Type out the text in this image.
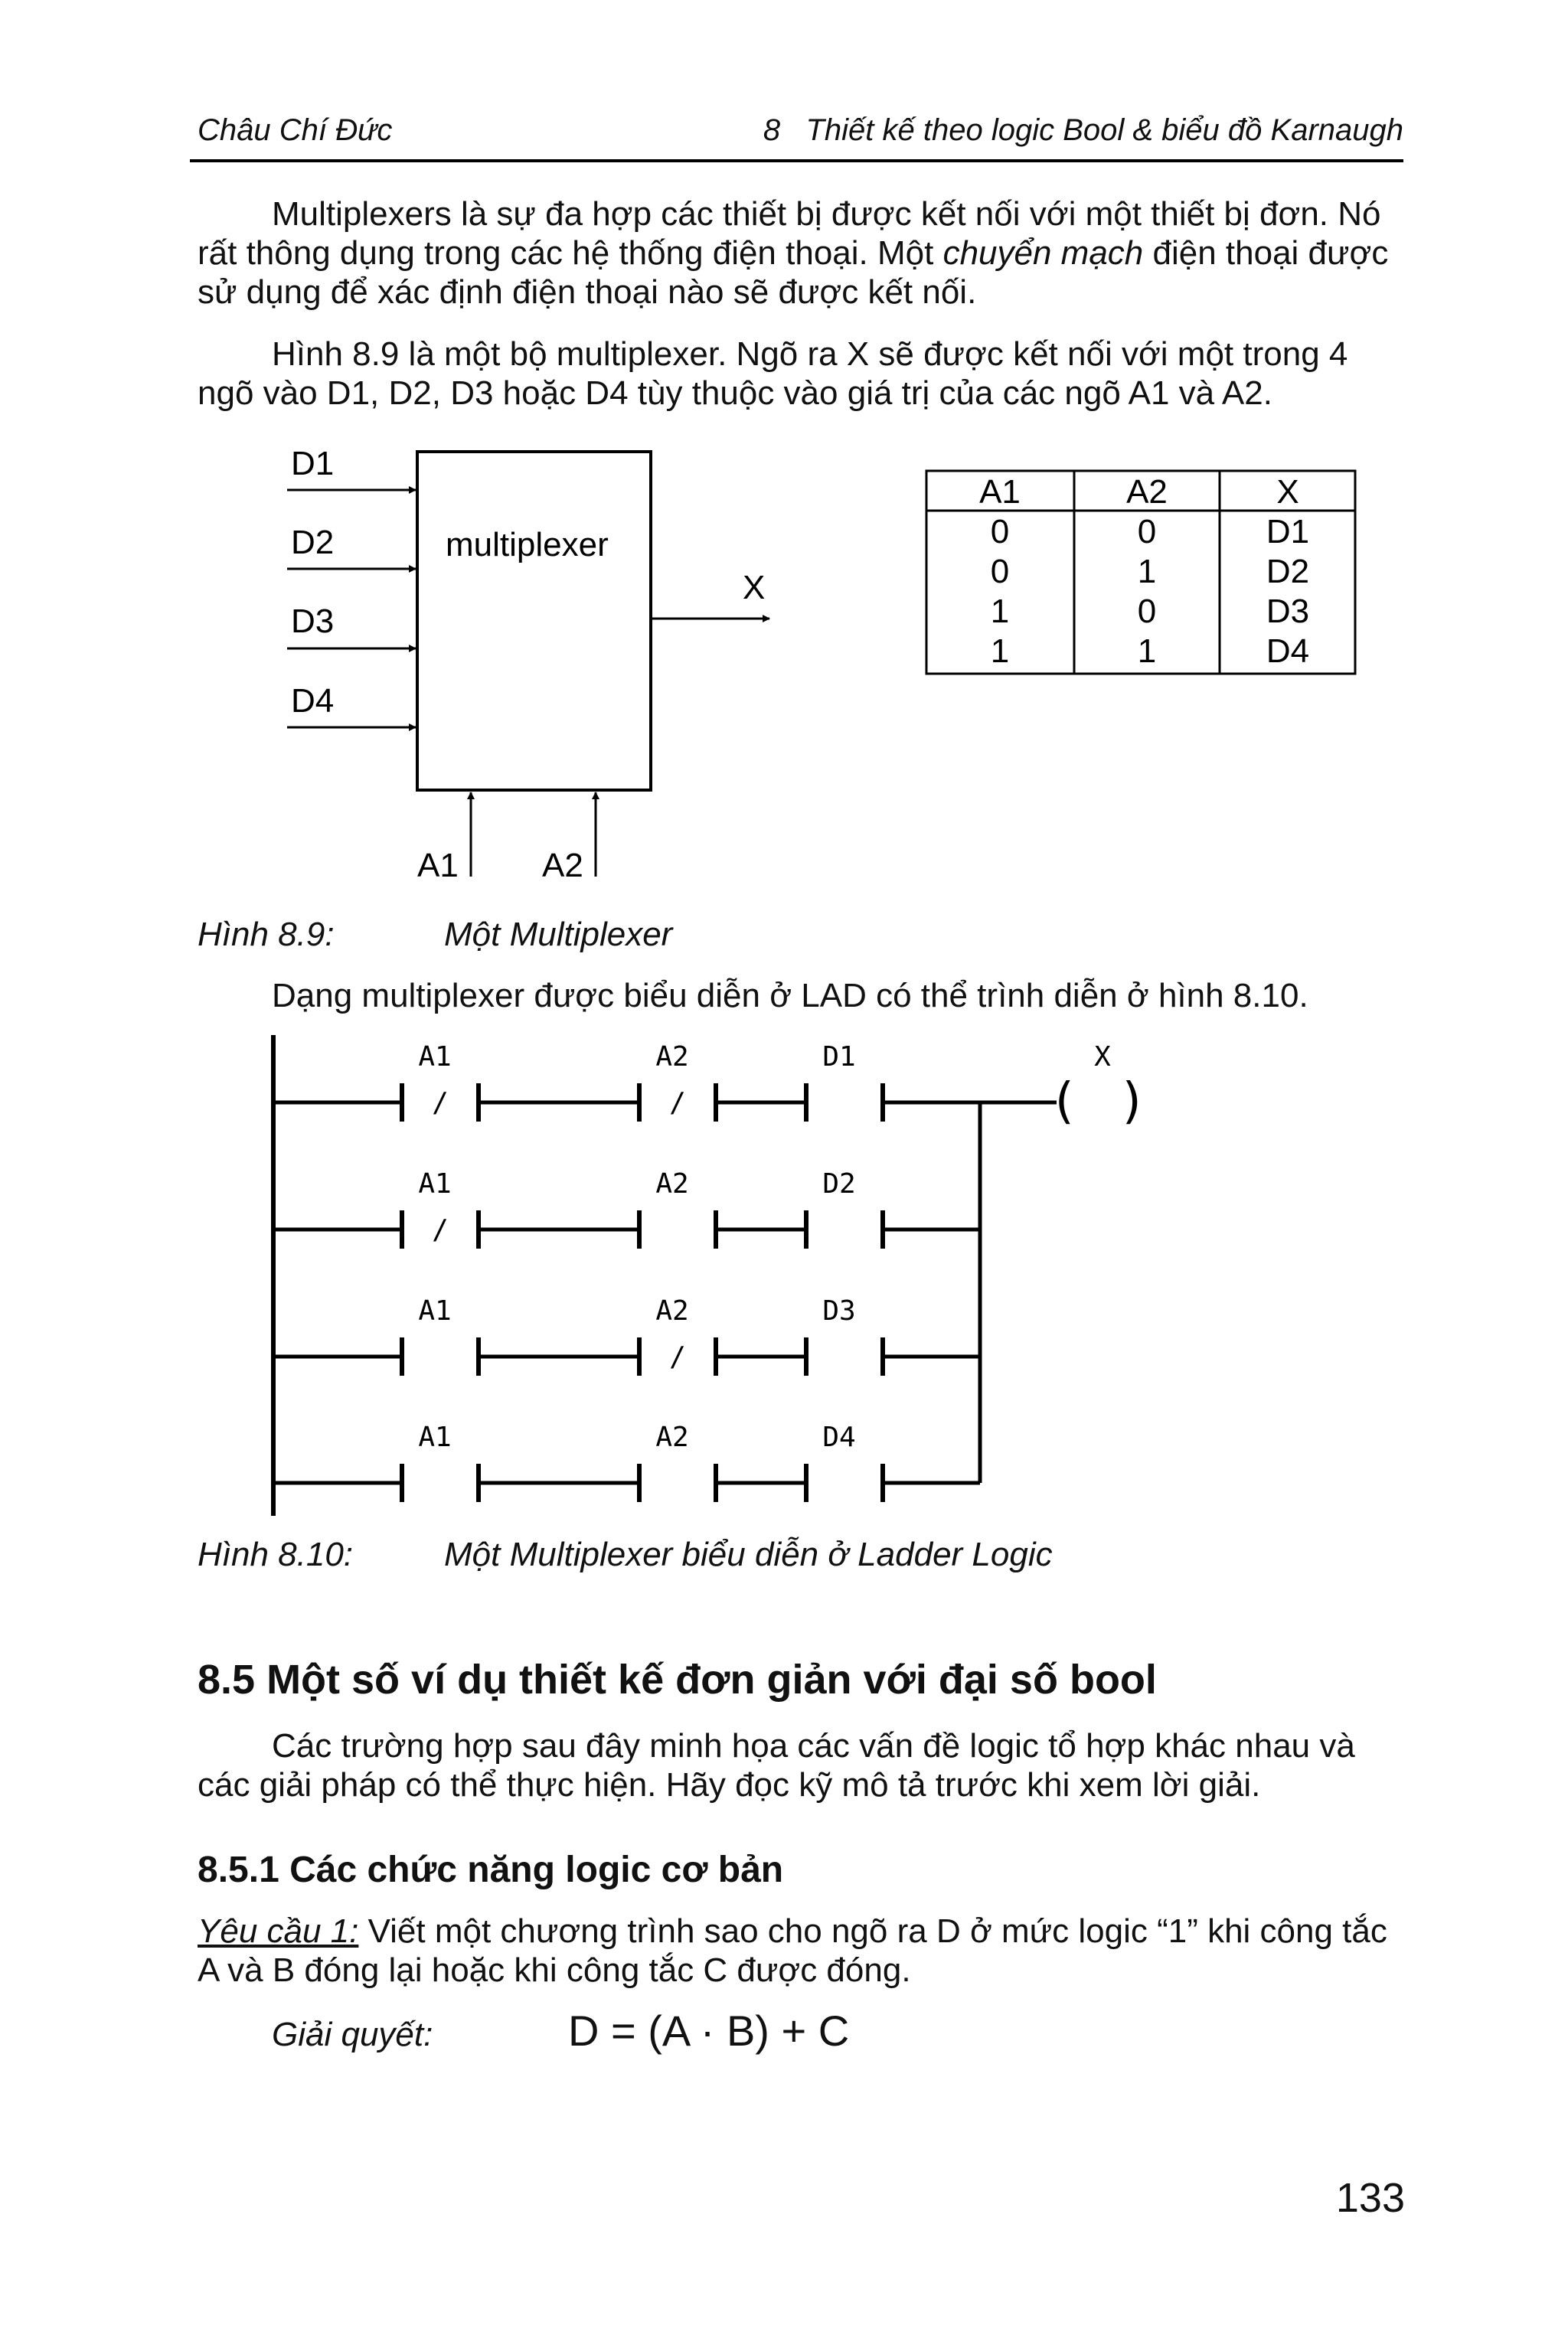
Châu Chí Đức	8   Thiết kế theo logic Bool & biểu đồ Karnaugh

Multiplexers là sự đa hợp các thiết bị được kết nối với một thiết bị đơn. Nó rất thông dụng trong các hệ thống điện thoại. Một chuyển mạch điện thoại được sử dụng để xác định điện thoại nào sẽ được kết nối.

Hình 8.9 là một bộ multiplexer. Ngõ ra X sẽ được kết nối với một trong 4 ngõ vào D1, D2, D3 hoặc D4 tùy thuộc vào giá trị của các ngõ A1 và A2.

multiplexer
D1
D2
D3
D4
X
A1 A2
A1	A2	X
0	0	D1
0	1	D2
1	0	D3
1	1	D4
Hình 8.9:	Một Multiplexer

Dạng multiplexer được biểu diễn ở LAD có thể trình diễn ở hình 8.10.

A1
/
A2
/
D1
( )
X
A1
/
A2	D2
A1	A2
/
D3
A1	A2	D4
Hình 8.10:	Một Multiplexer biểu diễn ở Ladder Logic
8.5 Một số ví dụ thiết kế đơn giản với đại số bool

Các trường hợp sau đây minh họa các vấn đề logic tổ hợp khác nhau và các giải pháp có thể thực hiện. Hãy đọc kỹ mô tả trước khi xem lời giải.

8.5.1 Các chức năng logic cơ bản

Yêu cầu 1: Viết một chương trình sao cho ngõ ra D ở mức logic “1” khi công tắc A và B đóng lại hoặc khi công tắc C được đóng.

Giải quyết:	D = (A · B) + C
133
